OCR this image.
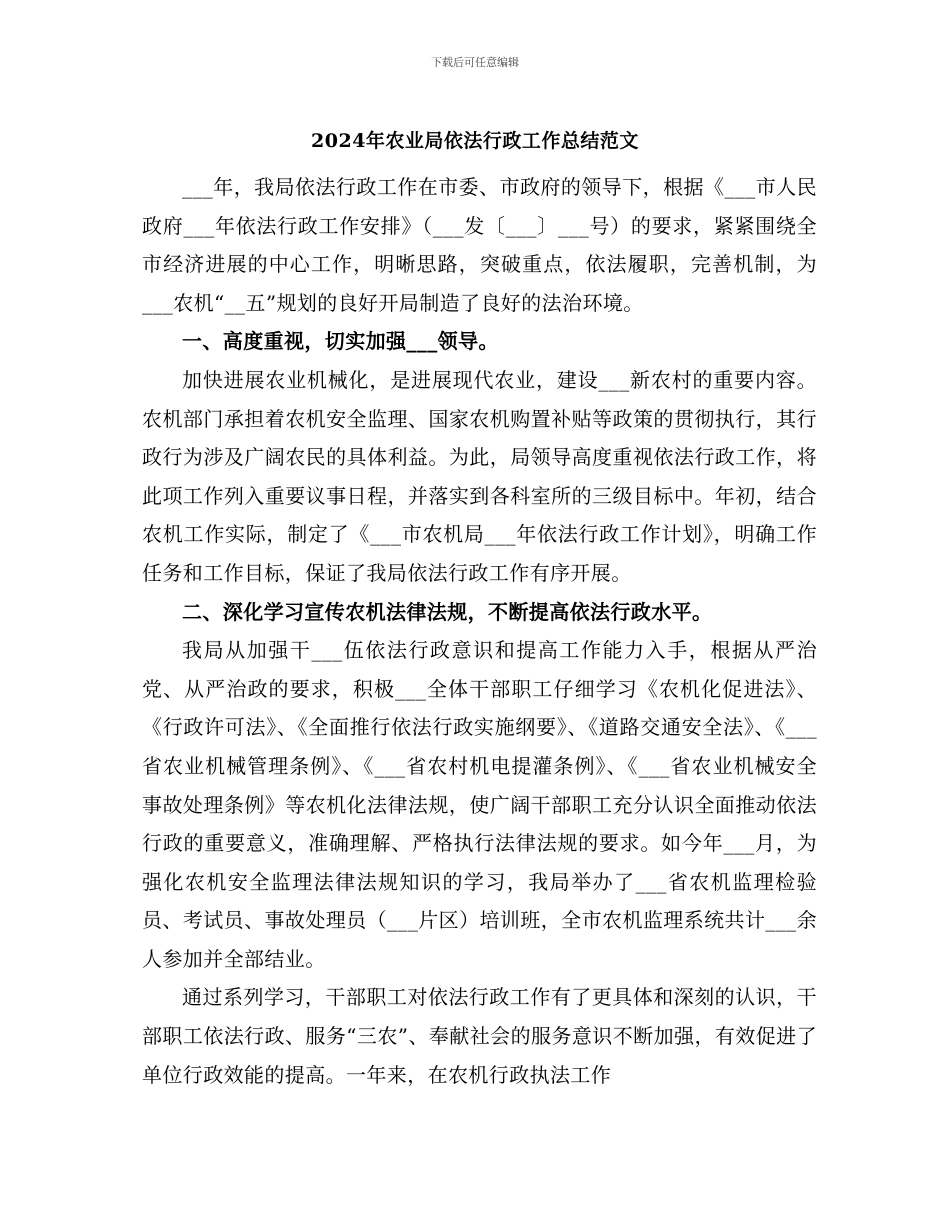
下载后可任意编辑
2024年农业局依法行政工作总结范文

___年，我局依法行政工作在市委、市政府的领导下，根据《___市人民政府___年依法行政工作安排》（___发〔___〕___号）的要求，紧紧围绕全市经济进展的中心工作，明晰思路，突破重点，依法履职，完善机制，为___农机“__五”规划的良好开局制造了良好的法治环境。

一、高度重视，切实加强___领导。

加快进展农业机械化，是进展现代农业，建设___新农村的重要内容。农机部门承担着农机安全监理、国家农机购置补贴等政策的贯彻执行，其行政行为涉及广阔农民的具体利益。为此，局领导高度重视依法行政工作，将此项工作列入重要议事日程，并落实到各科室所的三级目标中。年初，结合农机工作实际，制定了《___市农机局___年依法行政工作计划》，明确工作任务和工作目标，保证了我局依法行政工作有序开展。

二、深化学习宣传农机法律法规，不断提高依法行政水平。

我局从加强干___伍依法行政意识和提高工作能力入手，根据从严治党、从严治政的要求，积极___全体干部职工仔细学习《农机化促进法》、《行政许可法》、《全面推行依法行政实施纲要》、《道路交通安全法》、《___省农业机械管理条例》、《___省农村机电提灌条例》、《___省农业机械安全事故处理条例》等农机化法律法规，使广阔干部职工充分认识全面推动依法行政的重要意义，准确理解、严格执行法律法规的要求。如今年___月，为强化农机安全监理法律法规知识的学习，我局举办了___省农机监理检验员、考试员、事故处理员（___片区）培训班，全市农机监理系统共计___余人参加并全部结业。

通过系列学习，干部职工对依法行政工作有了更具体和深刻的认识，干部职工依法行政、服务“三农”、奉献社会的服务意识不断加强，有效促进了单位行政效能的提高。一年来，在农机行政执法工作
